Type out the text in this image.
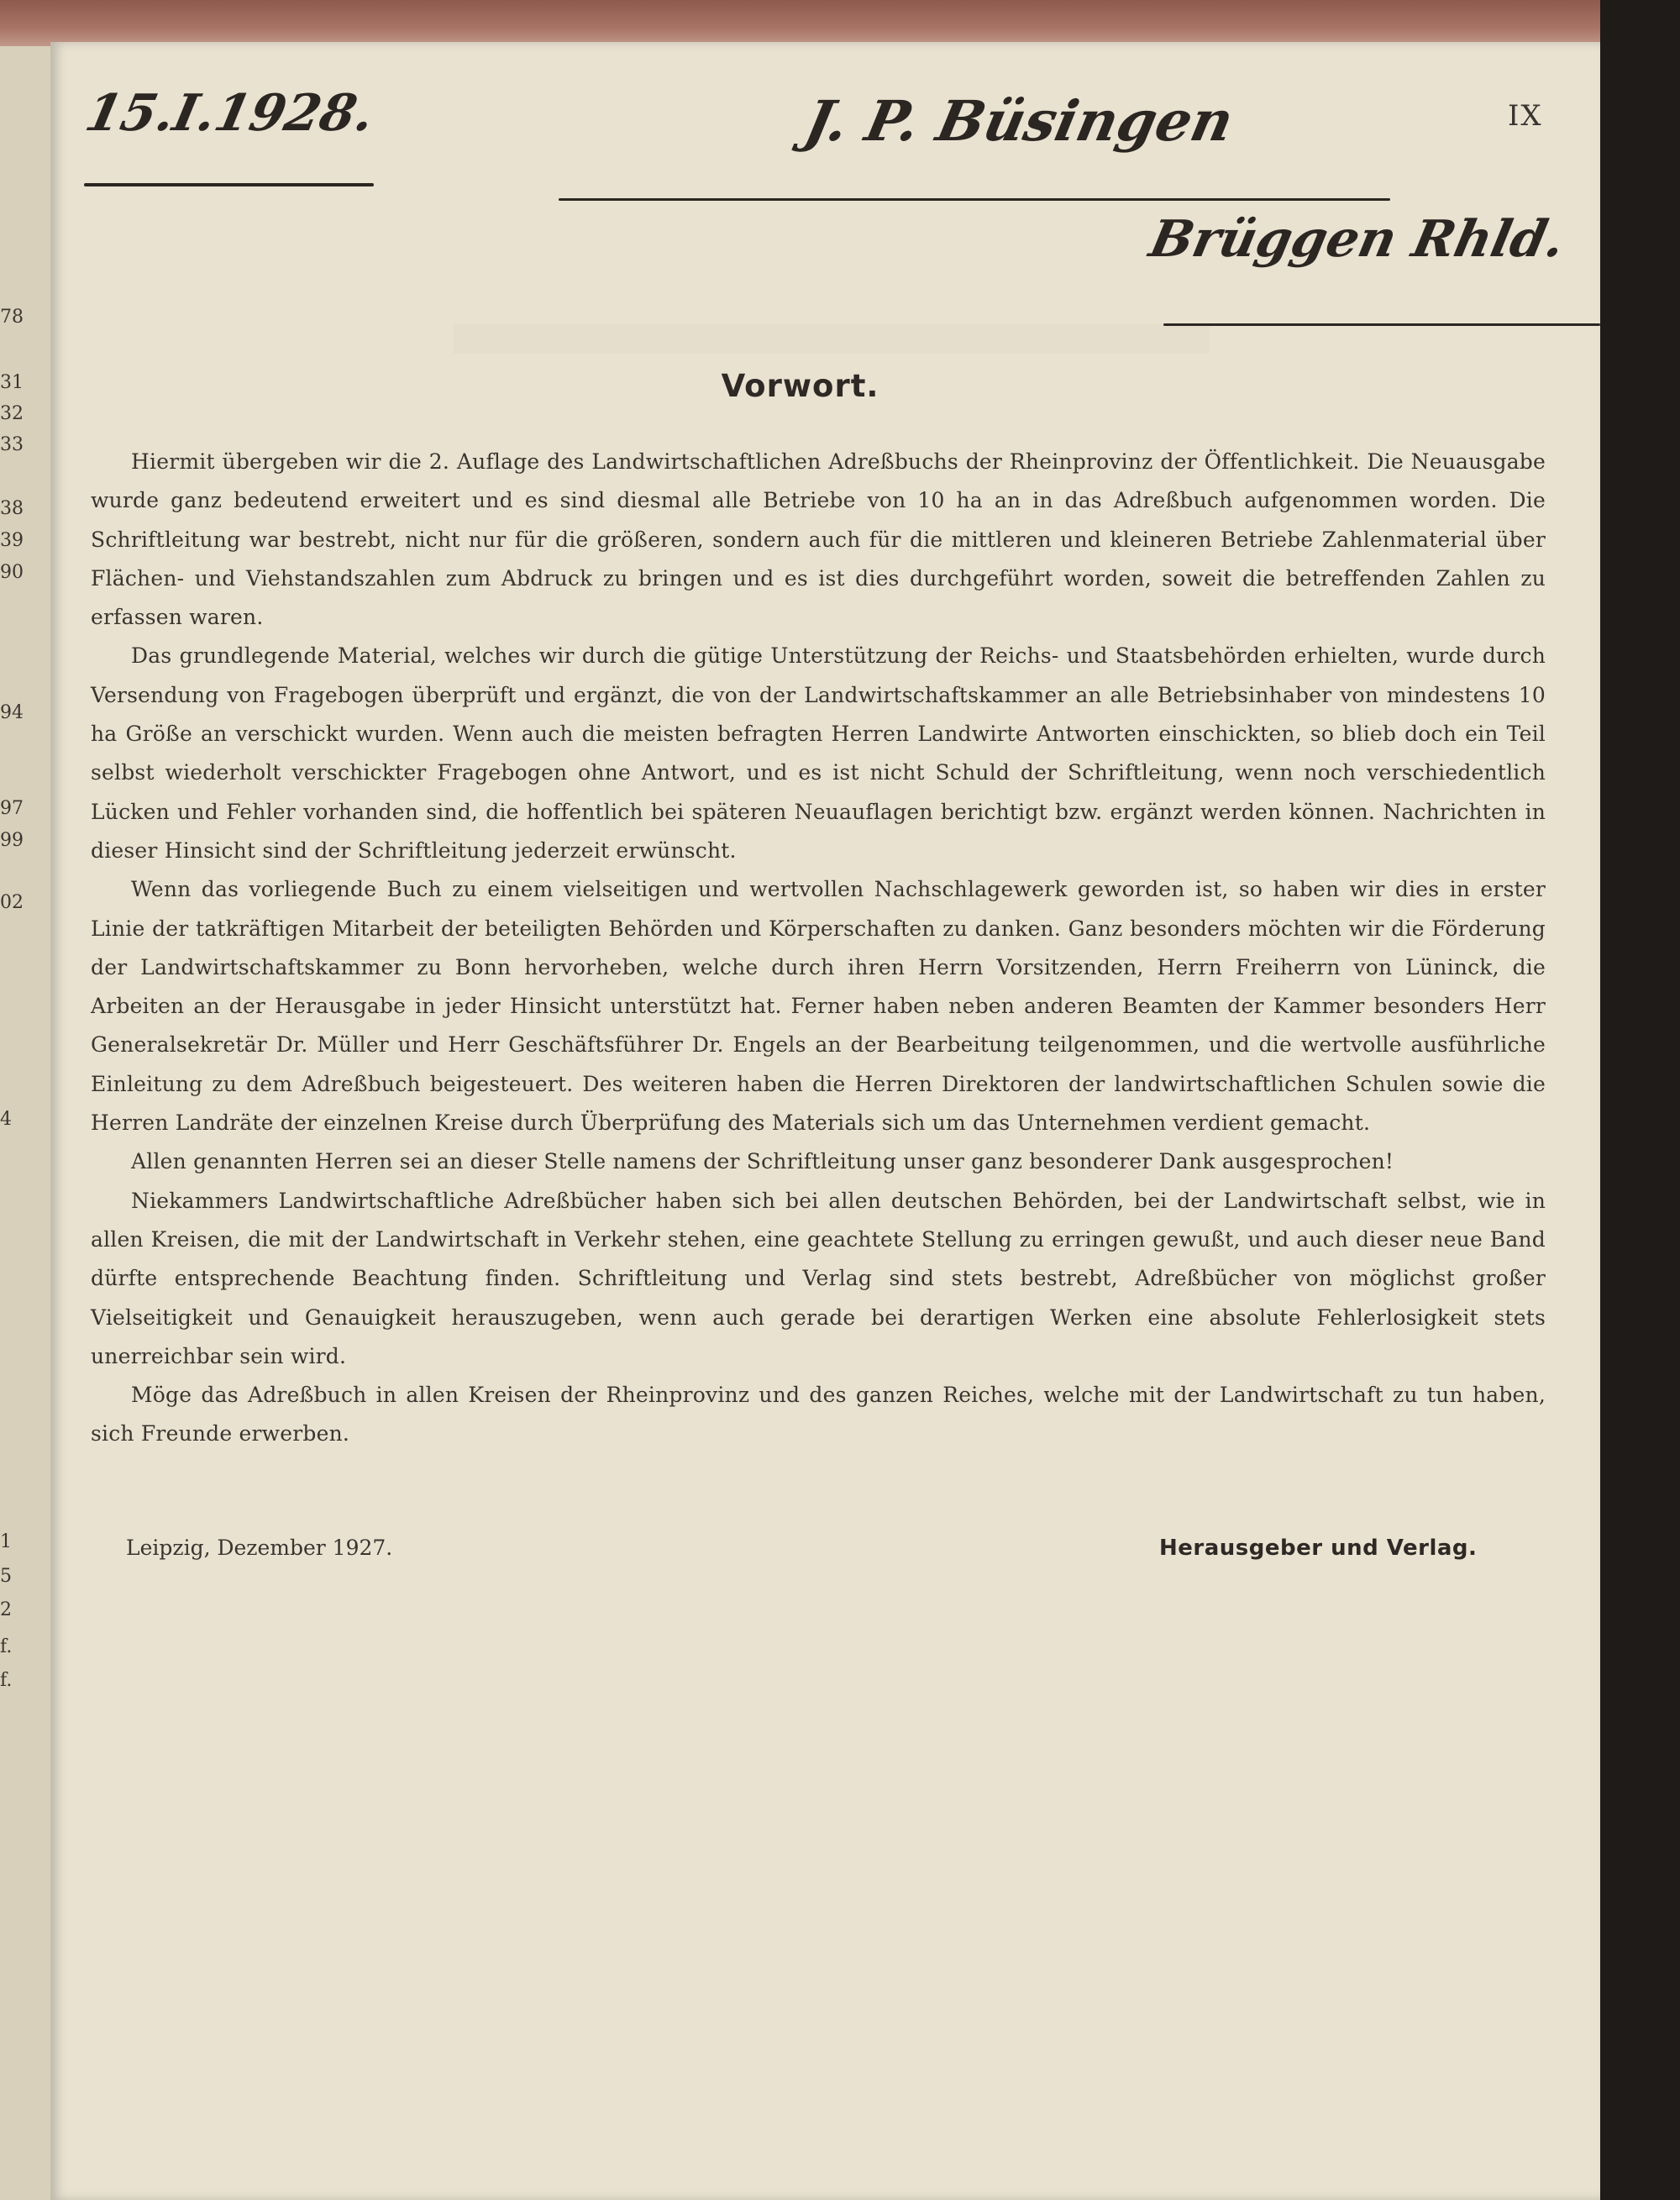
78
31
32
33
38
39
90
94
97
99
02
4
1
5
2
f.
f.
IX
15.I.1928.	J. P. Büsingen
Brüggen Rhld.
Vorwort.

Hiermit übergeben wir die 2. Auflage des Landwirtschaftlichen Adreßbuchs der Rheinprovinz der Öffentlichkeit. Die Neuausgabe wurde ganz bedeutend erweitert und es sind diesmal alle Betriebe von 10 ha an in das Adreßbuch aufgenommen worden. Die Schriftleitung war bestrebt, nicht nur für die größeren, sondern auch für die mittleren und kleineren Betriebe Zahlenmaterial über Flächen- und Viehstandszahlen zum Abdruck zu bringen und es ist dies durchgeführt worden, soweit die betreffenden Zahlen zu erfassen waren.

Das grundlegende Material, welches wir durch die gütige Unterstützung der Reichs- und Staatsbehörden erhielten, wurde durch Versendung von Fragebogen überprüft und ergänzt, die von der Landwirtschaftskammer an alle Betriebsinhaber von mindestens 10 ha Größe an verschickt wurden. Wenn auch die meisten befragten Herren Landwirte Antworten einschickten, so blieb doch ein Teil selbst wiederholt verschickter Fragebogen ohne Antwort, und es ist nicht Schuld der Schriftleitung, wenn noch verschiedentlich Lücken und Fehler vorhanden sind, die hoffentlich bei späteren Neuauflagen berichtigt bzw. ergänzt werden können. Nachrichten in dieser Hinsicht sind der Schriftleitung jederzeit erwünscht.

Wenn das vorliegende Buch zu einem vielseitigen und wertvollen Nachschlagewerk geworden ist, so haben wir dies in erster Linie der tatkräftigen Mitarbeit der beteiligten Behörden und Körperschaften zu danken. Ganz besonders möchten wir die Förderung der Landwirtschaftskammer zu Bonn hervorheben, welche durch ihren Herrn Vorsitzenden, Herrn Freiherrn von Lüninck, die Arbeiten an der Herausgabe in jeder Hinsicht unterstützt hat. Ferner haben neben anderen Beamten der Kammer besonders Herr Generalsekretär Dr. Müller und Herr Geschäftsführer Dr. Engels an der Bearbeitung teilgenommen, und die wertvolle ausführliche Einleitung zu dem Adreßbuch beigesteuert. Des weiteren haben die Herren Direktoren der landwirtschaftlichen Schulen sowie die Herren Landräte der einzelnen Kreise durch Überprüfung des Materials sich um das Unternehmen verdient gemacht.

Allen genannten Herren sei an dieser Stelle namens der Schriftleitung unser ganz besonderer Dank ausgesprochen!

Niekammers Landwirtschaftliche Adreßbücher haben sich bei allen deutschen Behörden, bei der Landwirtschaft selbst, wie in allen Kreisen, die mit der Landwirtschaft in Verkehr stehen, eine geachtete Stellung zu erringen gewußt, und auch dieser neue Band dürfte entsprechende Beachtung finden. Schriftleitung und Verlag sind stets bestrebt, Adreßbücher von möglichst großer Vielseitigkeit und Genauigkeit herauszugeben, wenn auch gerade bei derartigen Werken eine absolute Fehlerlosigkeit stets unerreichbar sein wird.

Möge das Adreßbuch in allen Kreisen der Rheinprovinz und des ganzen Reiches, welche mit der Landwirtschaft zu tun haben, sich Freunde erwerben.

Leipzig, Dezember 1927.	Herausgeber und Verlag.
